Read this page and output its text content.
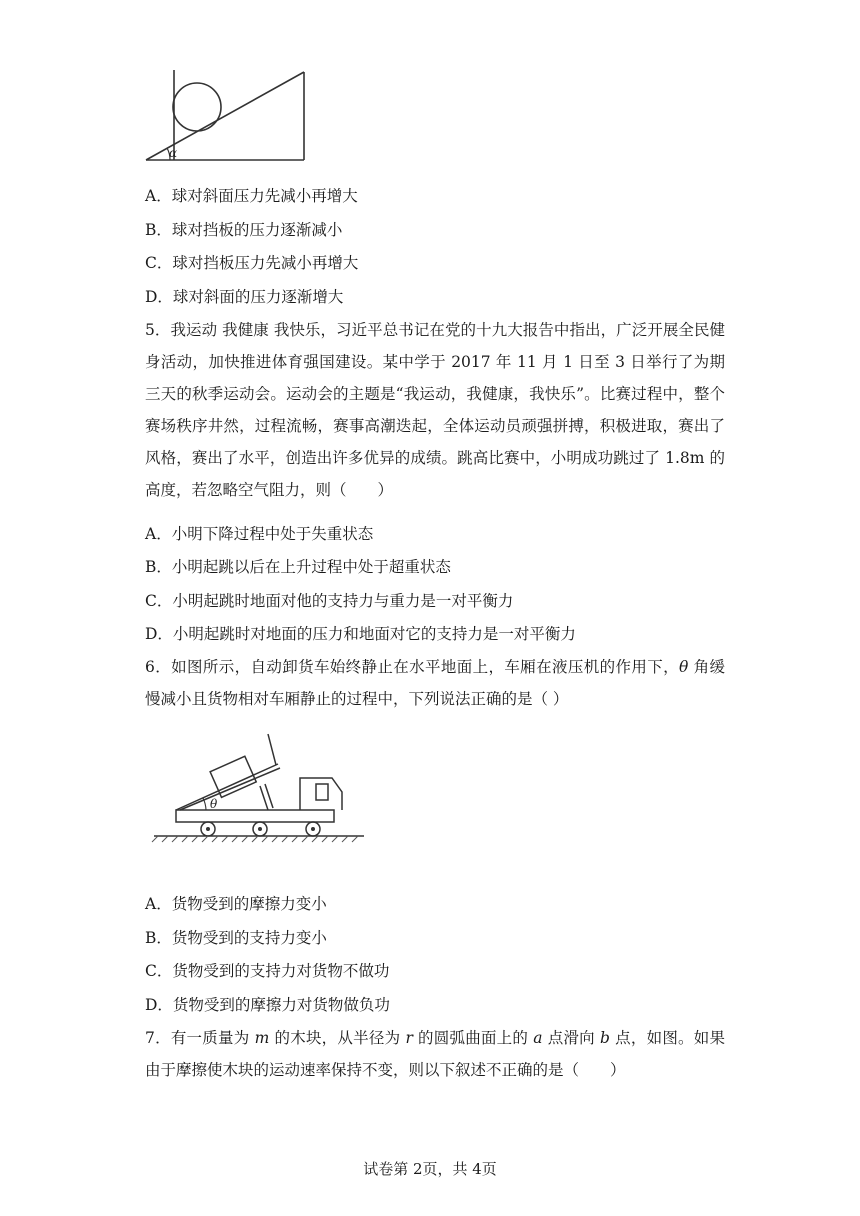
α
A．球对斜面压力先减小再增大
B．球对挡板的压力逐渐减小
C．球对挡板压力先减小再增大
D．球对斜面的压力逐渐增大
5．我运动 我健康 我快乐，习近平总书记在党的十九大报告中指出，广泛开展全民健身活动，加快推进体育强国建设。某中学于 2017 年 11 月 1 日至 3 日举行了为期三天的秋季运动会。运动会的主题是“我运动，我健康，我快乐”。比赛过程中，整个赛场秩序井然，过程流畅，赛事高潮迭起，全体运动员顽强拼搏，积极进取，赛出了风格，赛出了水平，创造出许多优异的成绩。跳高比赛中，小明成功跳过了 1.8m 的高度，若忽略空气阻力，则（　　）
A．小明下降过程中处于失重状态
B．小明起跳以后在上升过程中处于超重状态
C．小明起跳时地面对他的支持力与重力是一对平衡力
D．小明起跳时对地面的压力和地面对它的支持力是一对平衡力
6．如图所示，自动卸货车始终静止在水平地面上，车厢在液压机的作用下，θ 角缓慢减小且货物相对车厢静止的过程中，下列说法正确的是（ ）
θ
A．货物受到的摩擦力变小
B．货物受到的支持力变小
C．货物受到的支持力对货物不做功
D．货物受到的摩擦力对货物做负功
7．有一质量为 m 的木块，从半径为 r 的圆弧曲面上的 a 点滑向 b 点，如图。如果由于摩擦使木块的运动速率保持不变，则以下叙述不正确的是（　　）
试卷第 2页，共 4页
